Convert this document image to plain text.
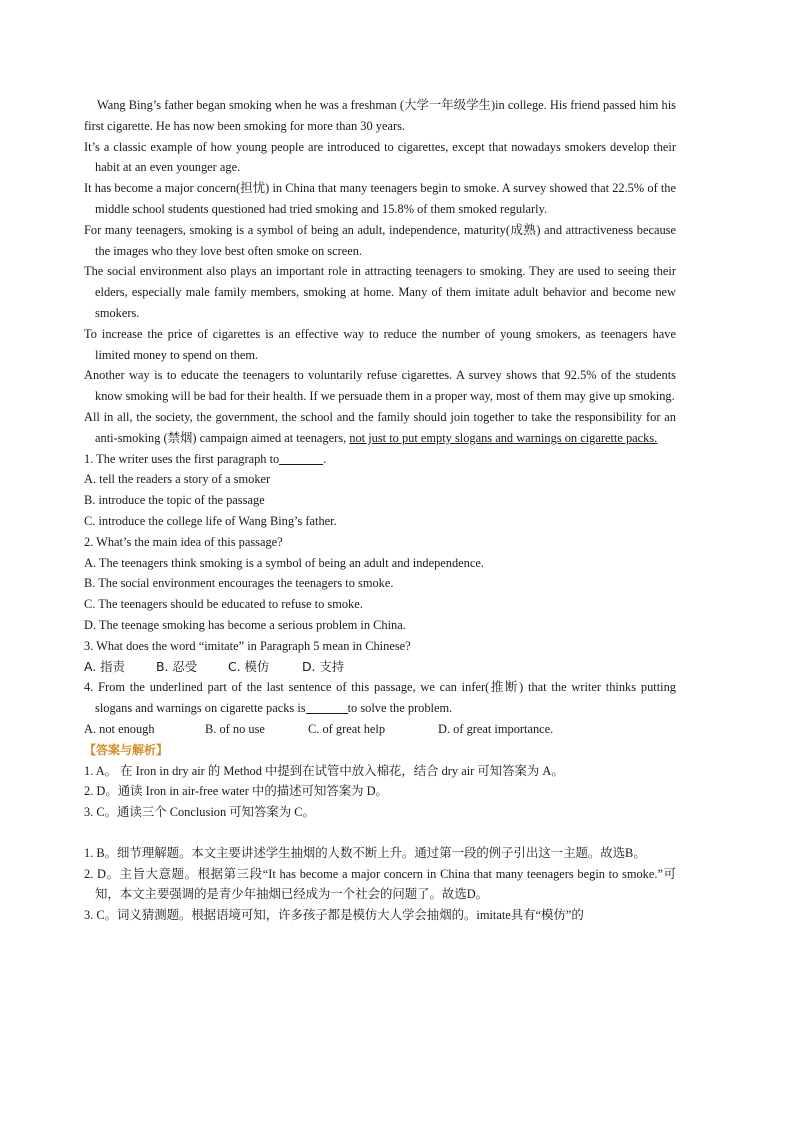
Wang Bing’s father began smoking when he was a freshman (大学一年级学生)in college. His friend passed him his first cigarette. He has now been smoking for more than 30 years.

It’s a classic example of how young people are introduced to cigarettes, except that nowadays smokers develop their habit at an even younger age.

It has become a major concern(担忧) in China that many teenagers begin to smoke. A survey showed that 22.5% of the middle school students questioned had tried smoking and 15.8% of them smoked regularly.

For many teenagers, smoking is a symbol of being an adult, independence, maturity(成熟) and attractiveness because the images who they love best often smoke on screen.

The social environment also plays an important role in attracting teenagers to smoking. They are used to seeing their elders, especially male family members, smoking at home. Many of them imitate adult behavior and become new smokers.

To increase the price of cigarettes is an effective way to reduce the number of young smokers, as teenagers have limited money to spend on them.

Another way is to educate the teenagers to voluntarily refuse cigarettes. A survey shows that 92.5% of the students know smoking will be bad for their health. If we persuade them in a proper way, most of them may give up smoking.

All in all, the society, the government, the school and the family should join together to take the responsibility for an anti-smoking (禁烟) campaign aimed at teenagers, not just to put empty slogans and warnings on cigarette packs.

1. The writer uses the first paragraph to	.

A. tell the readers a story of a smoker

B. introduce the topic of the passage

C. introduce the college life of Wang Bing’s father.

2. What’s the main idea of this passage?

A. The teenagers think smoking is a symbol of being an adult and independence.

B. The social environment encourages the teenagers to smoke.

C. The teenagers should be educated to refuse to smoke.

D. The teenage smoking has become a serious problem in China.

3. What does the word “imitate” in Paragraph 5 mean in Chinese?

A. 指责	B. 忍受 C. 模仿	D. 支持

4. From the underlined part of the last sentence of this passage, we can infer(推断) that the writer thinks putting slogans and warnings on cigarette packs is	to solve the problem.

A. not enough	B. of no use	C. of great help	D. of great importance.

【答案与解析】

1. A。 在 Iron in dry air 的 Method 中提到在试管中放入棉花，结合 dry air 可知答案为 A。

2. D。通读 Iron in air-free water 中的描述可知答案为 D。

3. C。通读三个 Conclusion 可知答案为 C。

1. B。细节理解题。本文主要讲述学生抽烟的人数不断上升。通过第一段的例子引出这一主题。故选B。

2. D。主旨大意题。根据第三段“It has become a major concern in China that many teenagers begin to smoke.”可知，本文主要强调的是青少年抽烟已经成为一个社会的问题了。故选D。

3. C。词义猜测题。根据语境可知，许多孩子都是模仿大人学会抽烟的。imitate具有“模仿”的
